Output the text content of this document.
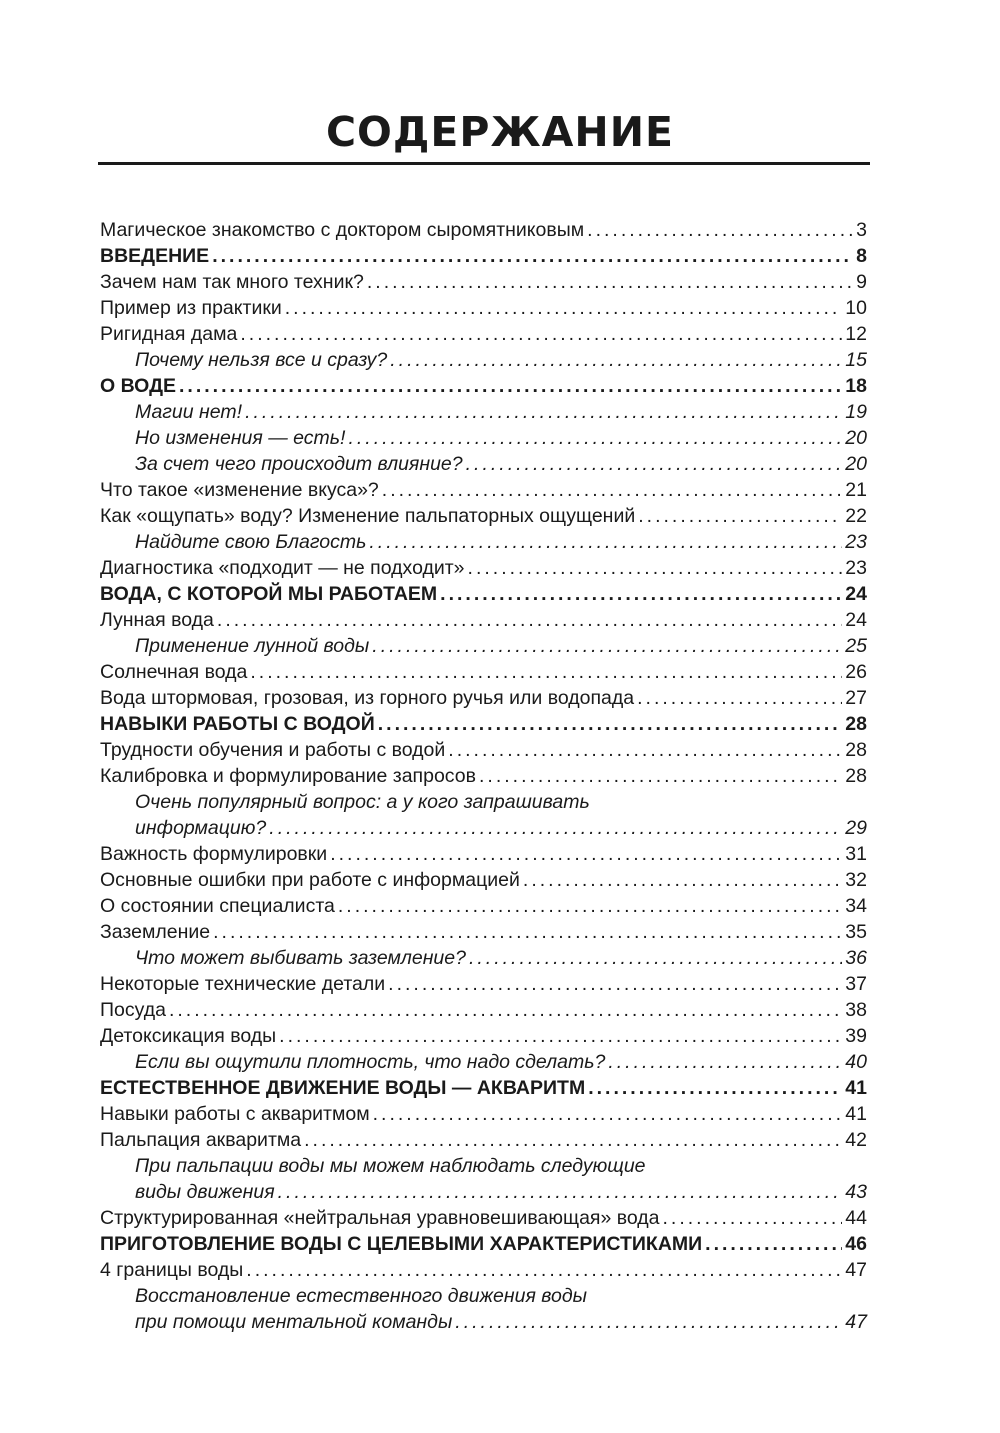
СОДЕРЖАНИЕ
Магическое знакомство с доктором сыромятниковым .....	3
ВВЕДЕНИЕ .....	8
Зачем нам так много техник? .....	9
Пример из практики .....	10
Ригидная дама .....	12
Почему нельзя все и сразу? .....	15
О ВОДЕ .....	18
Магии нет! .....	19
Но изменения — есть! .....	20
За счет чего происходит влияние? .....	20
Что такое «изменение вкуса»? .....	21
Как «ощупать» воду? Изменение пальпаторных ощущений .....	22
Найдите свою Благость .....	23
Диагностика «подходит — не подходит» .....	23
ВОДА, С КОТОРОЙ МЫ РАБОТАЕМ .....	24
Лунная вода .....	24
Применение лунной воды .....	25
Солнечная вода .....	26
Вода штормовая, грозовая, из горного ручья или водопада .....	27
НАВЫКИ РАБОТЫ С ВОДОЙ .....	28
Трудности обучения и работы с водой .....	28
Калибровка и формулирование запросов .....	28
Очень популярный вопрос: а у кого запрашивать
информацию? .....	29
Важность формулировки .....	31
Основные ошибки при работе с информацией .....	32
О состоянии специалиста .....	34
Заземление .....	35
Что может выбивать заземление? .....	36
Некоторые технические детали .....	37
Посуда .....	38
Детоксикация воды .....	39
Если вы ощутили плотность, что надо сделать? .....	40
ЕСТЕСТВЕННОЕ ДВИЖЕНИЕ ВОДЫ — АКВАРИТМ .....	41
Навыки работы с акваритмом .....	41
Пальпация акваритма .....	42
При пальпации воды мы можем наблюдать следующие
виды движения .....	43
Структурированная «нейтральная уравновешивающая» вода .....	44
ПРИГОТОВЛЕНИЕ ВОДЫ С ЦЕЛЕВЫМИ ХАРАКТЕРИСТИКАМИ .....	46
4 границы воды .....	47
Восстановление естественного движения воды
при помощи ментальной команды .....	47
